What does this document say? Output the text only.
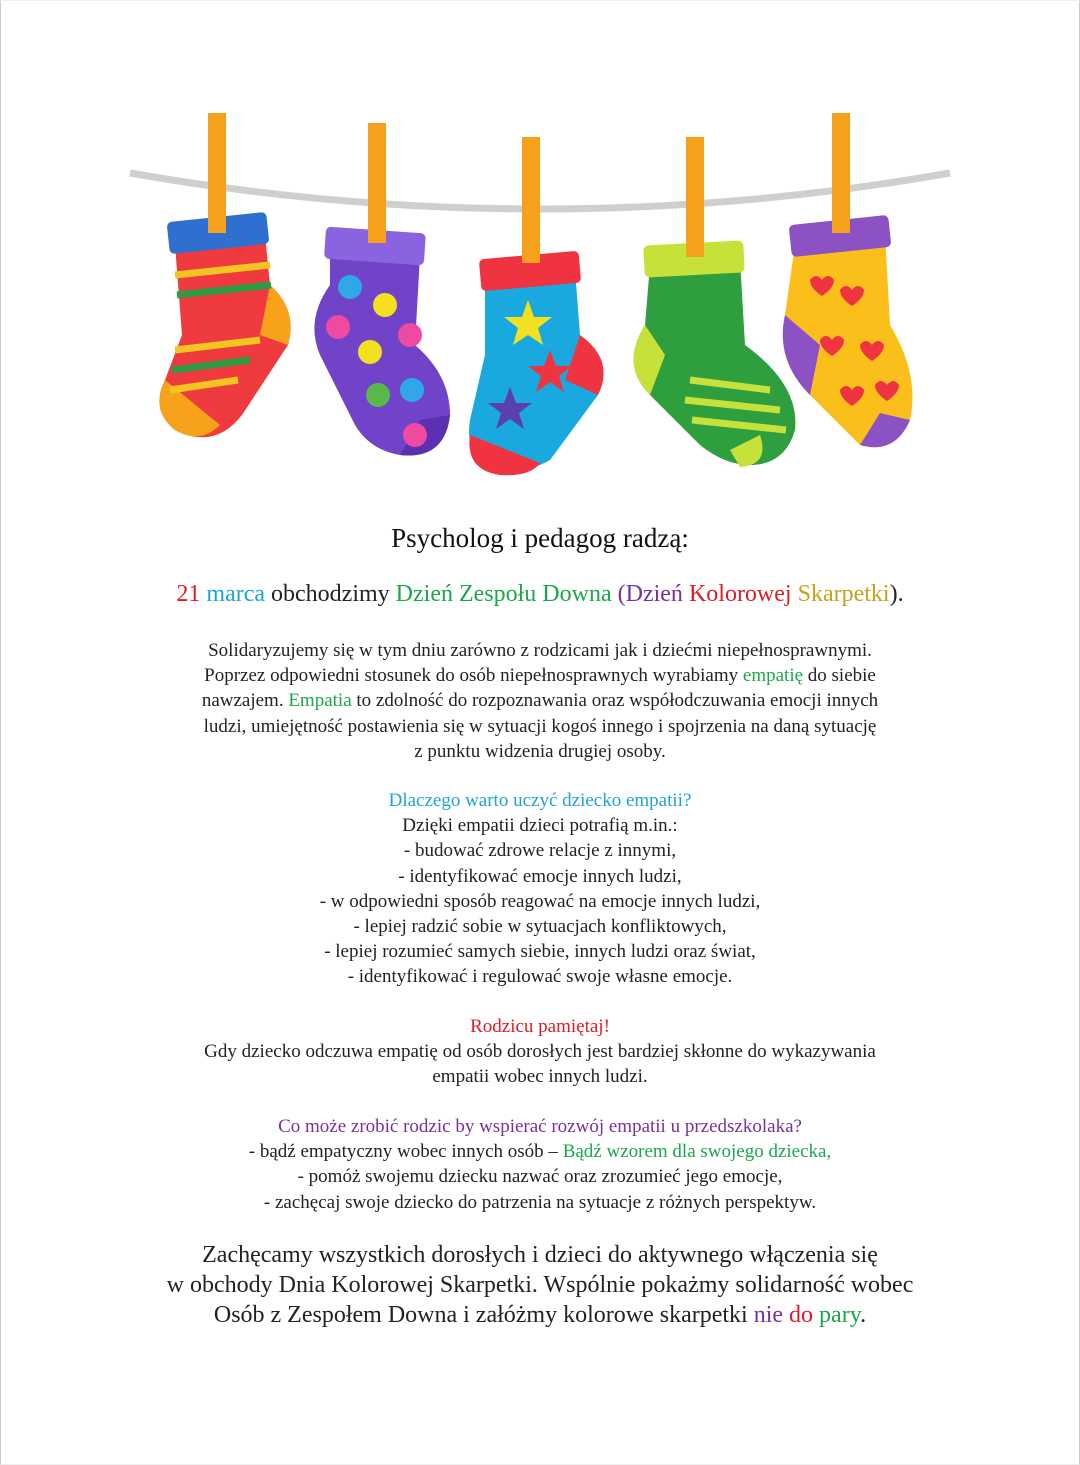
Psycholog i pedagog radzą:
21 marca obchodzimy Dzień Zespołu Downa (Dzień Kolorowej Skarpetki).
Solidaryzujemy się w tym dniu zarówno z rodzicami jak i dziećmi niepełnosprawnymi.
Poprzez odpowiedni stosunek do osób niepełnosprawnych wyrabiamy empatię do siebie
nawzajem. Empatia to zdolność do rozpoznawania oraz współodczuwania emocji innych
ludzi, umiejętność postawienia się w sytuacji kogoś innego i spojrzenia na daną sytuację
z punktu widzenia drugiej osoby.
Dlaczego warto uczyć dziecko empatii?
Dzięki empatii dzieci potrafią m.in.:
- budować zdrowe relacje z innymi,
- identyfikować emocje innych ludzi,
- w odpowiedni sposób reagować na emocje innych ludzi,
- lepiej radzić sobie w sytuacjach konfliktowych,
- lepiej rozumieć samych siebie, innych ludzi oraz świat,
- identyfikować i regulować swoje własne emocje.
Rodzicu pamiętaj!
Gdy dziecko odczuwa empatię od osób dorosłych jest bardziej skłonne do wykazywania
empatii wobec innych ludzi.
Co może zrobić rodzic by wspierać rozwój empatii u przedszkolaka?
- bądź empatyczny wobec innych osób – Bądź wzorem dla swojego dziecka,
- pomóż swojemu dziecku nazwać oraz zrozumieć jego emocje,
- zachęcaj swoje dziecko do patrzenia na sytuacje z różnych perspektyw.
Zachęcamy wszystkich dorosłych i dzieci do aktywnego włączenia się
w obchody Dnia Kolorowej Skarpetki. Wspólnie pokażmy solidarność wobec
Osób z Zespołem Downa i załóżmy kolorowe skarpetki nie do pary.
